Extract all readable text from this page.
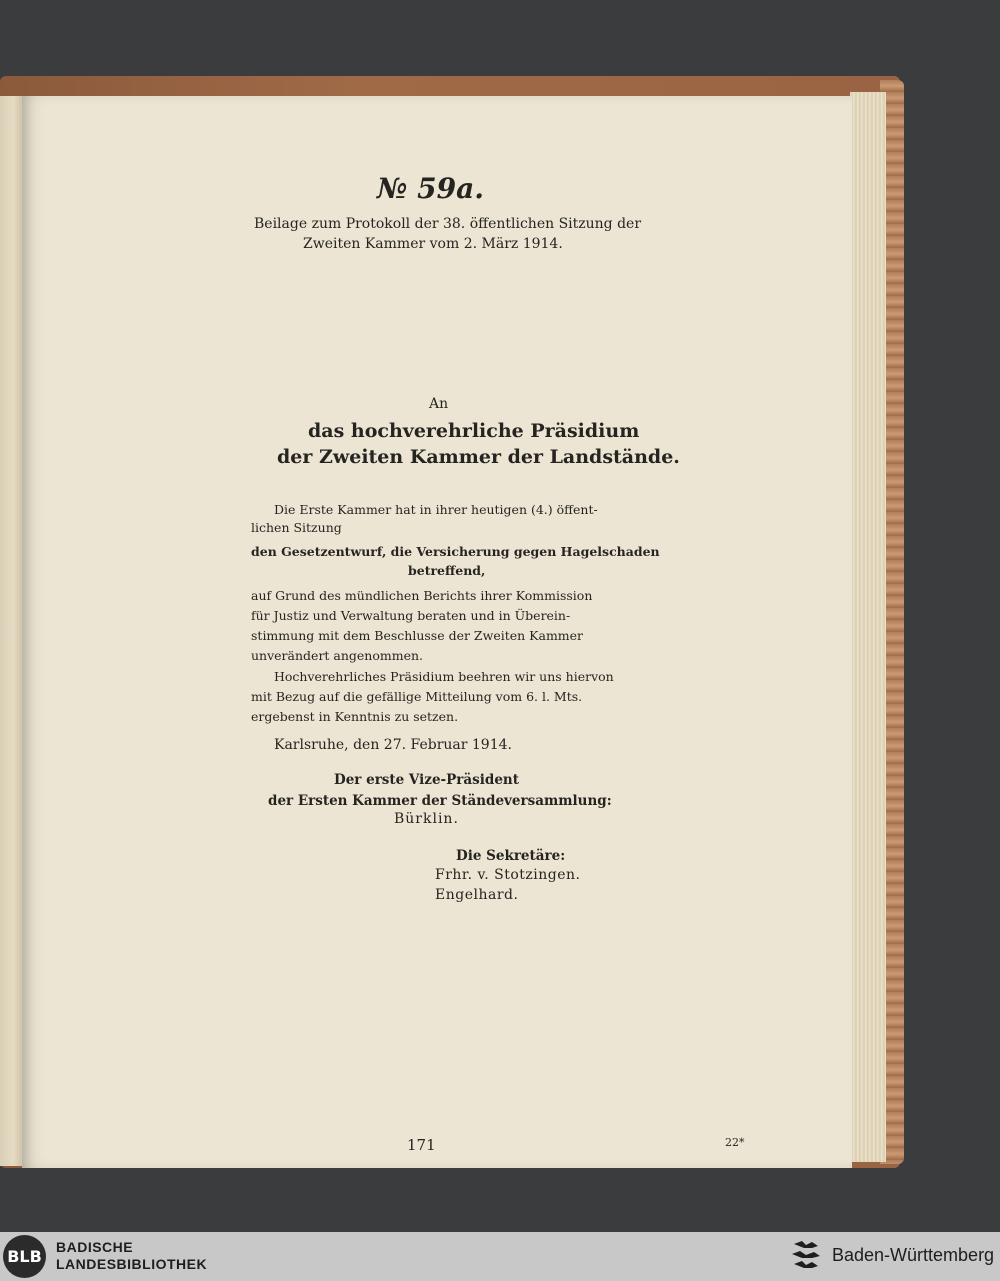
№ 59a.
Beilage zum Protokoll der 38. öffentlichen Sitzung der
Zweiten Kammer vom 2. März 1914.
An
das hochverehrliche Präsidium
der Zweiten Kammer der Landstände.
Die Erste Kammer hat in ihrer heutigen (4.) öffent-
lichen Sitzung
den Gesetzentwurf, die Versicherung gegen Hagelschaden
betreffend,
auf Grund des mündlichen Berichts ihrer Kommission
für Justiz und Verwaltung beraten und in Überein-
stimmung mit dem Beschlusse der Zweiten Kammer
unverändert angenommen.
Hochverehrliches Präsidium beehren wir uns hiervon
mit Bezug auf die gefällige Mitteilung vom 6. l. Mts.
ergebenst in Kenntnis zu setzen.
Karlsruhe, den 27. Februar 1914.
Der erste Vize-Präsident
der Ersten Kammer der Ständeversammlung:
Bürklin.
Die Sekretäre:
Frhr. v. Stotzingen.
Engelhard.
171	22*
BLB	BADISCHE
LANDESBIBLIOTHEK	Baden-Württemberg
